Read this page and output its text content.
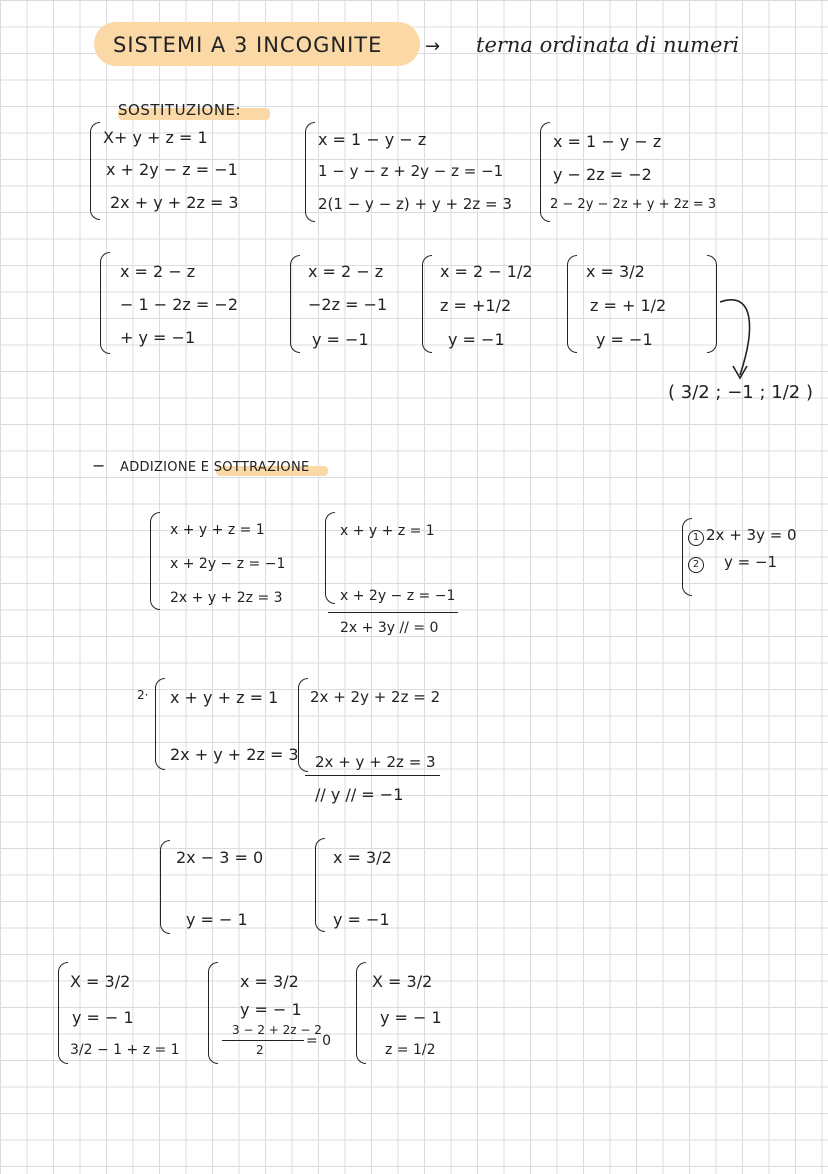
SISTEMI A 3 INCOGNITE → terna ordinata di numeri
SOSTITUZIONE:
X+ y + z = 1
x + 2y − z = −1
2x + y + 2z = 3
x = 1 − y − z
1 − y − z + 2y − z = −1
2(1 − y − z) + y + 2z = 3
x = 1 − y − z
y − 2z = −2
2 − 2y − 2z + y + 2z = 3
x = 2 − z
− 1 − 2z = −2
+ y = −1
x = 2 − z
−2z = −1
y = −1
x = 2 − 1/2
z = +1/2
y = −1
x = 3/2
z = + 1/2
y = −1
( 3/2 ; −1 ; 1/2 )
− ADDIZIONE E SOTTRAZIONE
x + y + z = 1
x + 2y − z = −1
2x + y + 2z = 3
x + y + z = 1
x + 2y − z = −1
2x + 3y // = 0
1 2x + 3y = 0
2 y = −1
2· x + y + z = 1
2x + y + 2z = 3
2x + 2y + 2z = 2
2x + y + 2z = 3
// y // = −1
2x − 3 = 0
y = − 1
x = 3/2
y = −1
X = 3/2
y = − 1
3/2 − 1 + z = 1
x = 3/2
y = − 1
3 − 2 + 2z − 2
2
= 0
X = 3/2
y = − 1
z = 1/2
